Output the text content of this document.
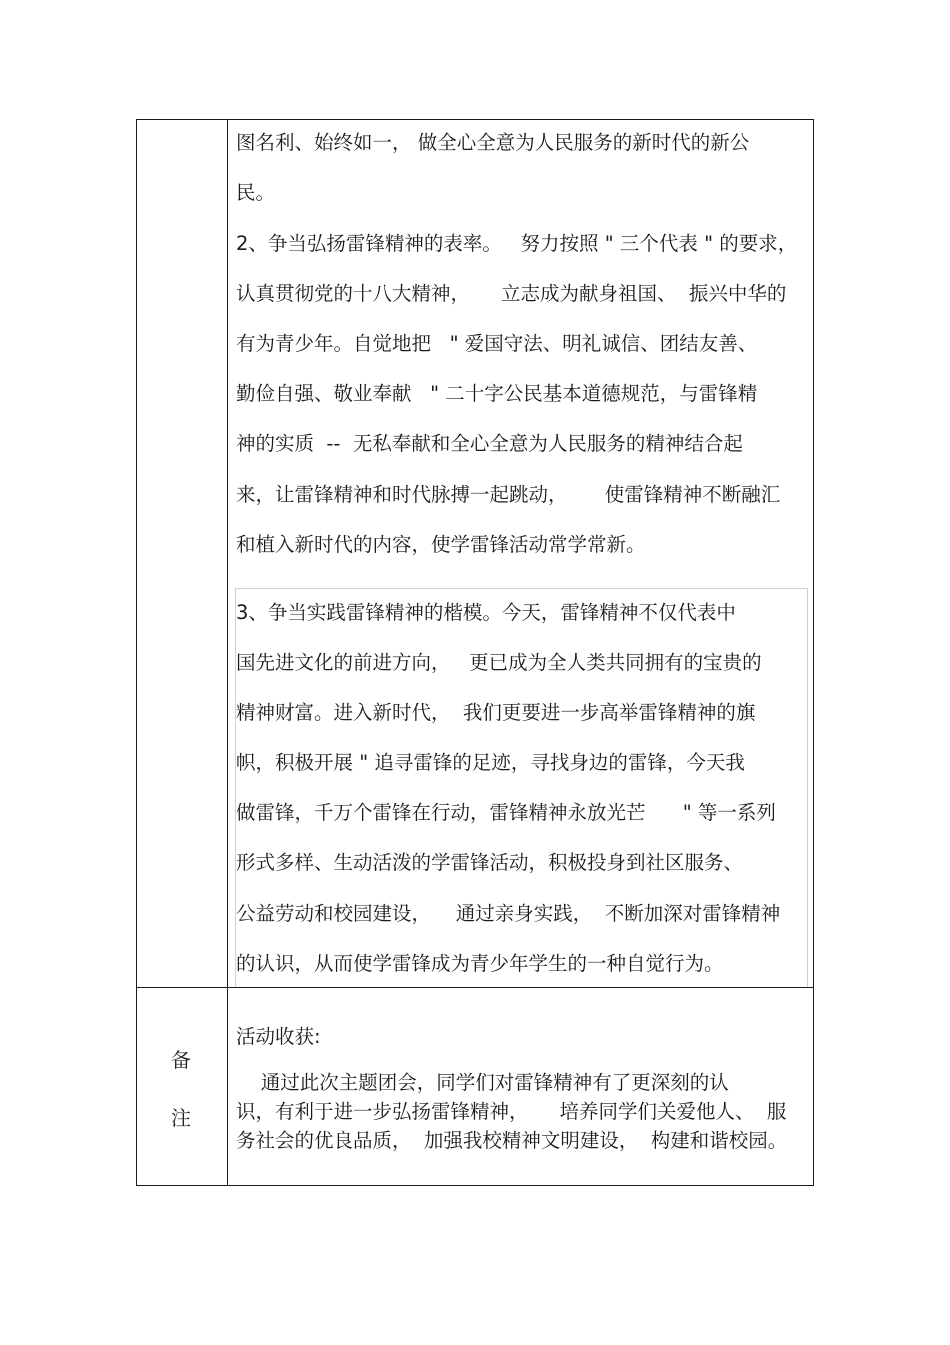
图名利、始终如一， 做全心全意为人民服务的新时代的新公

民。

2、争当弘扬雷锋精神的表率。   努力按照 " 三个代表 " 的要求，

认真贯彻党的十八大精神，     立志成为献身祖国、  振兴中华的

有为青少年。自觉地把   " 爱国守法、明礼诚信、团结友善、

勤俭自强、敬业奉献   " 二十字公民基本道德规范，与雷锋精

神的实质  --  无私奉献和全心全意为人民服务的精神结合起

来，让雷锋精神和时代脉搏一起跳动，      使雷锋精神不断融汇

和植入新时代的内容，使学雷锋活动常学常新。

3、争当实践雷锋精神的楷模。今天，雷锋精神不仅代表中

国先进文化的前进方向，   更已成为全人类共同拥有的宝贵的

精神财富。进入新时代，  我们更要进一步高举雷锋精神的旗

帜，积极开展 " 追寻雷锋的足迹，寻找身边的雷锋，今天我

做雷锋，千万个雷锋在行动，雷锋精神永放光芒      " 等一系列

形式多样、生动活泼的学雷锋活动，积极投身到社区服务、

公益劳动和校园建设，    通过亲身实践，  不断加深对雷锋精神

的认识，从而使学雷锋成为青少年学生的一种自觉行为。

备

注

活动收获:

通过此次主题团会，同学们对雷锋精神有了更深刻的认

识，有利于进一步弘扬雷锋精神，     培养同学们关爱他人、  服

务社会的优良品质，  加强我校精神文明建设，  构建和谐校园。
